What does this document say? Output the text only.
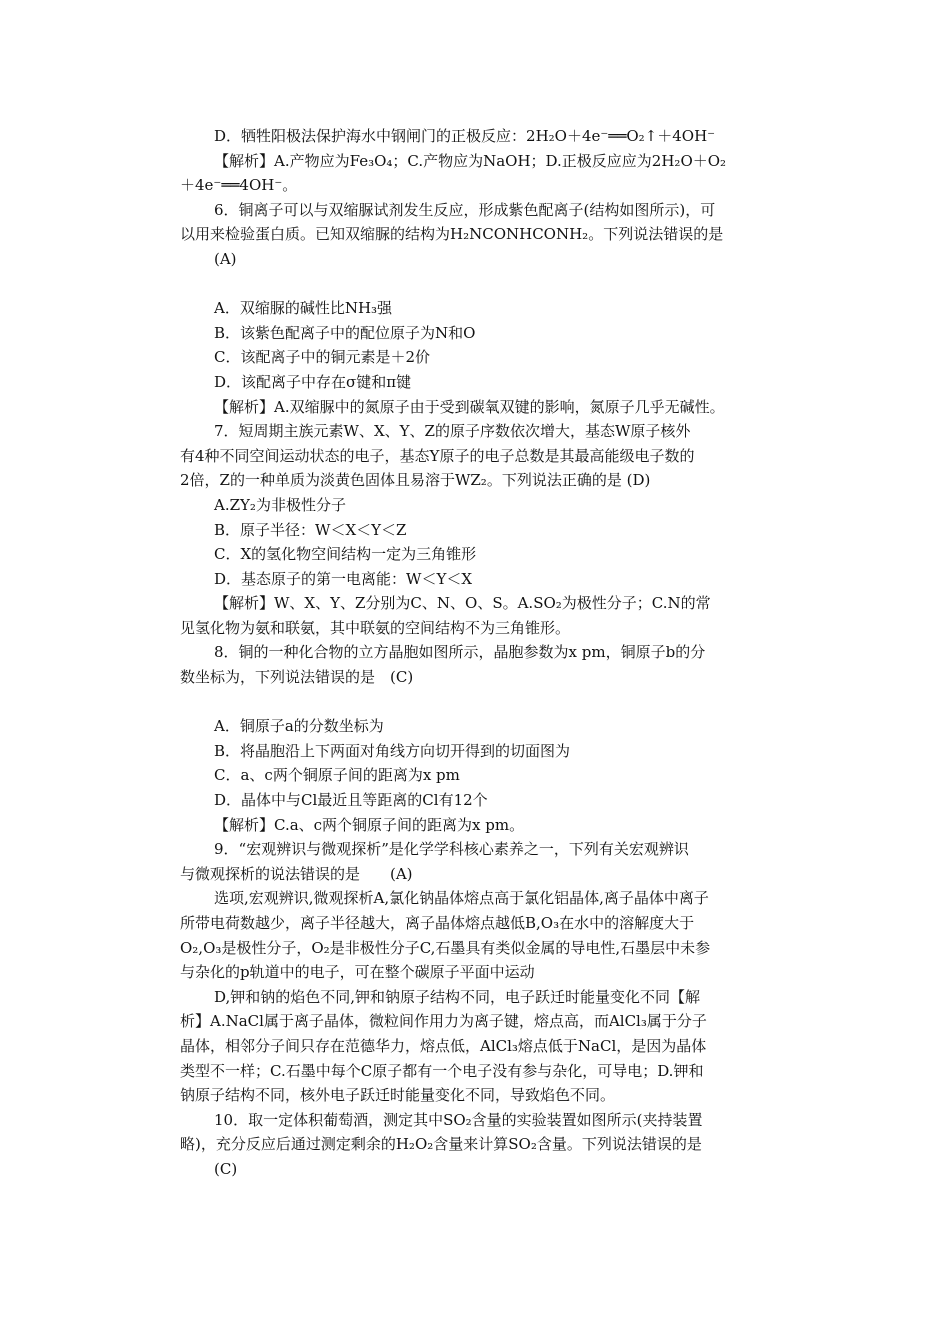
D．牺牲阳极法保护海水中钢闸门的正极反应：2H₂O＋4e⁻══O₂↑＋4OH⁻
【解析】A.产物应为Fe₃O₄；C.产物应为NaOH；D.正极反应应为2H₂O＋O₂
＋4e⁻══4OH⁻。
6．铜离子可以与双缩脲试剂发生反应，形成紫色配离子(结构如图所示)，可
以用来检验蛋白质。已知双缩脲的结构为H₂NCONHCONH₂。下列说法错误的是
(A)
A．双缩脲的碱性比NH₃强
B．该紫色配离子中的配位原子为N和O
C．该配离子中的铜元素是＋2价
D．该配离子中存在σ键和π键
【解析】A.双缩脲中的氮原子由于受到碳氧双键的影响，氮原子几乎无碱性。
7．短周期主族元素W、X、Y、Z的原子序数依次增大，基态W原子核外
有4种不同空间运动状态的电子，基态Y原子的电子总数是其最高能级电子数的
2倍，Z的一种单质为淡黄色固体且易溶于WZ₂。下列说法正确的是 (D)
A.ZY₂为非极性分子
B．原子半径：W＜X＜Y＜Z
C．X的氢化物空间结构一定为三角锥形
D．基态原子的第一电离能：W＜Y＜X
【解析】W、X、Y、Z分别为C、N、O、S。A.SO₂为极性分子；C.N的常
见氢化物为氨和联氨，其中联氨的空间结构不为三角锥形。
8．铜的一种化合物的立方晶胞如图所示，晶胞参数为x pm，铜原子b的分
数坐标为，下列说法错误的是　(C)
A．铜原子a的分数坐标为
B．将晶胞沿上下两面对角线方向切开得到的切面图为
C．a、c两个铜原子间的距离为x pm
D．晶体中与Cl最近且等距离的Cl有12个
【解析】C.a、c两个铜原子间的距离为x pm。
9．“宏观辨识与微观探析”是化学学科核心素养之一，下列有关宏观辨识
与微观探析的说法错误的是　　(A)
选项,宏观辨识,微观探析A,氯化钠晶体熔点高于氯化铝晶体,离子晶体中离子
所带电荷数越少，离子半径越大，离子晶体熔点越低B,O₃在水中的溶解度大于
O₂,O₃是极性分子，O₂是非极性分子C,石墨具有类似金属的导电性,石墨层中未参
与杂化的p轨道中的电子，可在整个碳原子平面中运动
D,钾和钠的焰色不同,钾和钠原子结构不同，电子跃迁时能量变化不同【解
析】A.NaCl属于离子晶体，微粒间作用力为离子键，熔点高，而AlCl₃属于分子
晶体，相邻分子间只存在范德华力，熔点低，AlCl₃熔点低于NaCl，是因为晶体
类型不一样；C.石墨中每个C原子都有一个电子没有参与杂化，可导电；D.钾和
钠原子结构不同，核外电子跃迁时能量变化不同，导致焰色不同。
10．取一定体积葡萄酒，测定其中SO₂含量的实验装置如图所示(夹持装置
略)，充分反应后通过测定剩余的H₂O₂含量来计算SO₂含量。下列说法错误的是
(C)
